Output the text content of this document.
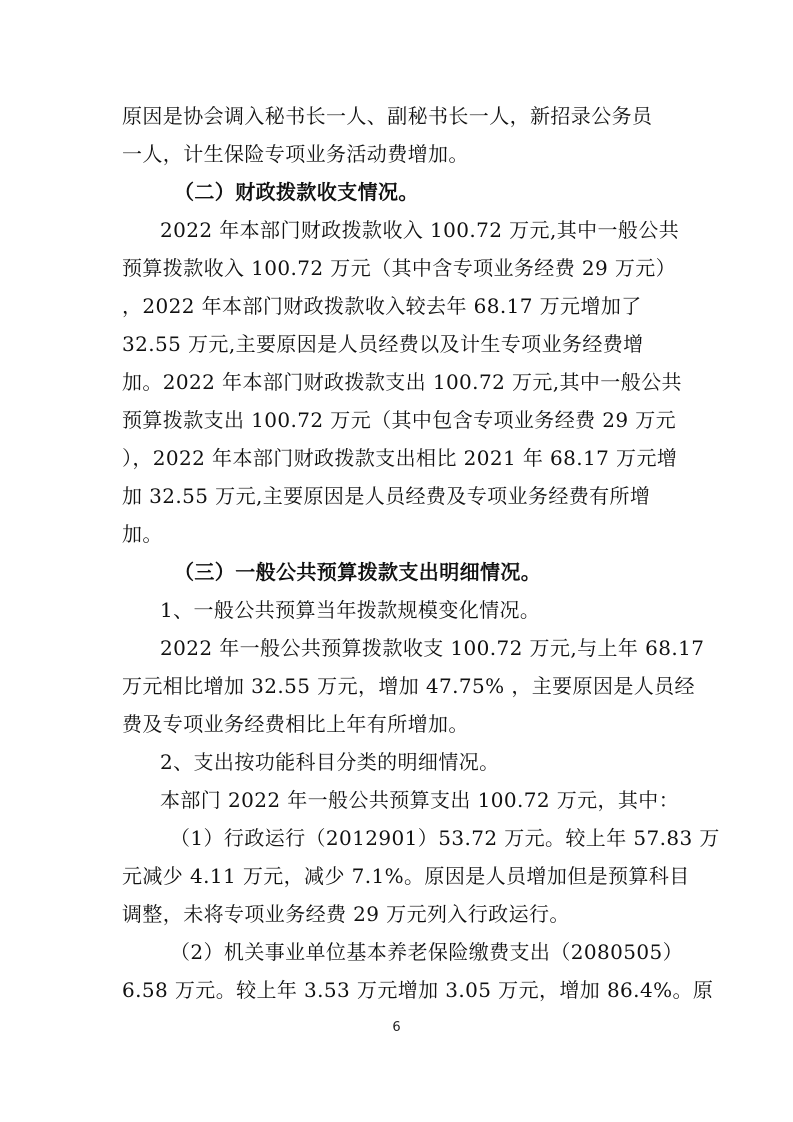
原因是协会调入秘书长一人、副秘书长一人，新招录公务员
一人，计生保险专项业务活动费增加。
（二）财政拨款收支情况。
2022 年本部门财政拨款收入 100.72 万元,其中一般公共
预算拨款收入 100.72 万元（其中含专项业务经费 29 万元）
，2022 年本部门财政拨款收入较去年 68.17 万元增加了
32.55 万元,主要原因是人员经费以及计生专项业务经费增
加。2022 年本部门财政拨款支出 100.72 万元,其中一般公共
预算拨款支出 100.72 万元（其中包含专项业务经费 29 万元
），2022 年本部门财政拨款支出相比 2021 年 68.17 万元增
加 32.55 万元,主要原因是人员经费及专项业务经费有所增
加。
（三）一般公共预算拨款支出明细情况。
1、一般公共预算当年拨款规模变化情况。
2022 年一般公共预算拨款收支 100.72 万元,与上年 68.17
万元相比增加 32.55 万元，增加 47.75% ，主要原因是人员经
费及专项业务经费相比上年有所增加。
2、支出按功能科目分类的明细情况。
本部门 2022 年一般公共预算支出 100.72 万元，其中：
（1）行政运行（2012901）53.72 万元。较上年 57.83 万
元减少 4.11 万元，减少 7.1%。原因是人员增加但是预算科目
调整，未将专项业务经费 29 万元列入行政运行。
（2）机关事业单位基本养老保险缴费支出（2080505）
6.58 万元。较上年 3.53 万元增加 3.05 万元，增加 86.4%。原
6
